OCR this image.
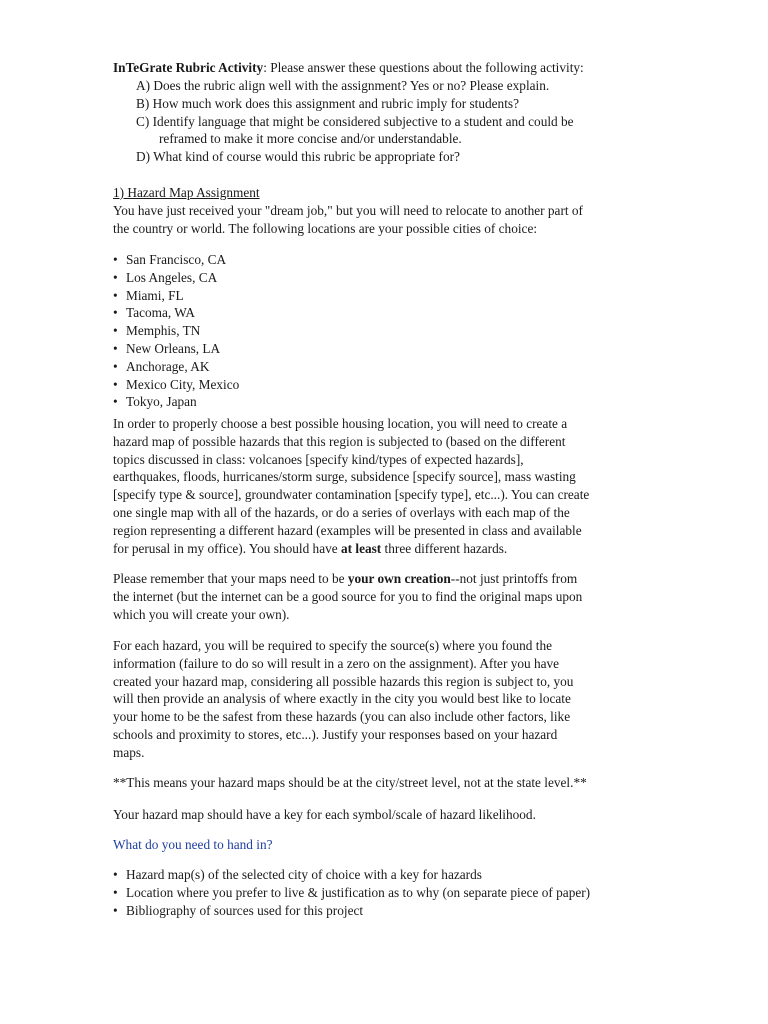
InTeGrate Rubric Activity: Please answer these questions about the following activity:

A) Does the rubric align well with the assignment? Yes or no? Please explain.
B) How much work does this assignment and rubric imply for students?
C) Identify language that might be considered subjective to a student and could be
reframed to make it more concise and/or understandable.
D) What kind of course would this rubric be appropriate for?

1) Hazard Map Assignment

You have just received your "dream job," but you will need to relocate to another part of
the country or world. The following locations are your possible cities of choice:

• San Francisco, CA
• Los Angeles, CA
• Miami, FL
• Tacoma, WA
• Memphis, TN
• New Orleans, LA
• Anchorage, AK
• Mexico City, Mexico
• Tokyo, Japan

In order to properly choose a best possible housing location, you will need to create a
hazard map of possible hazards that this region is subjected to (based on the different
topics discussed in class: volcanoes [specify kind/types of expected hazards],
earthquakes, floods, hurricanes/storm surge, subsidence [specify source], mass wasting
[specify type & source], groundwater contamination [specify type], etc...). You can create
one single map with all of the hazards, or do a series of overlays with each map of the
region representing a different hazard (examples will be presented in class and available
for perusal in my office). You should have at least three different hazards.

Please remember that your maps need to be your own creation--not just printoffs from
the internet (but the internet can be a good source for you to find the original maps upon
which you will create your own).

For each hazard, you will be required to specify the source(s) where you found the
information (failure to do so will result in a zero on the assignment). After you have
created your hazard map, considering all possible hazards this region is subject to, you
will then provide an analysis of where exactly in the city you would best like to locate
your home to be the safest from these hazards (you can also include other factors, like
schools and proximity to stores, etc...). Justify your responses based on your hazard
maps.

**This means your hazard maps should be at the city/street level, not at the state level.**

Your hazard map should have a key for each symbol/scale of hazard likelihood.

What do you need to hand in?

• Hazard map(s) of the selected city of choice with a key for hazards
• Location where you prefer to live & justification as to why (on separate piece of paper)
• Bibliography of sources used for this project
